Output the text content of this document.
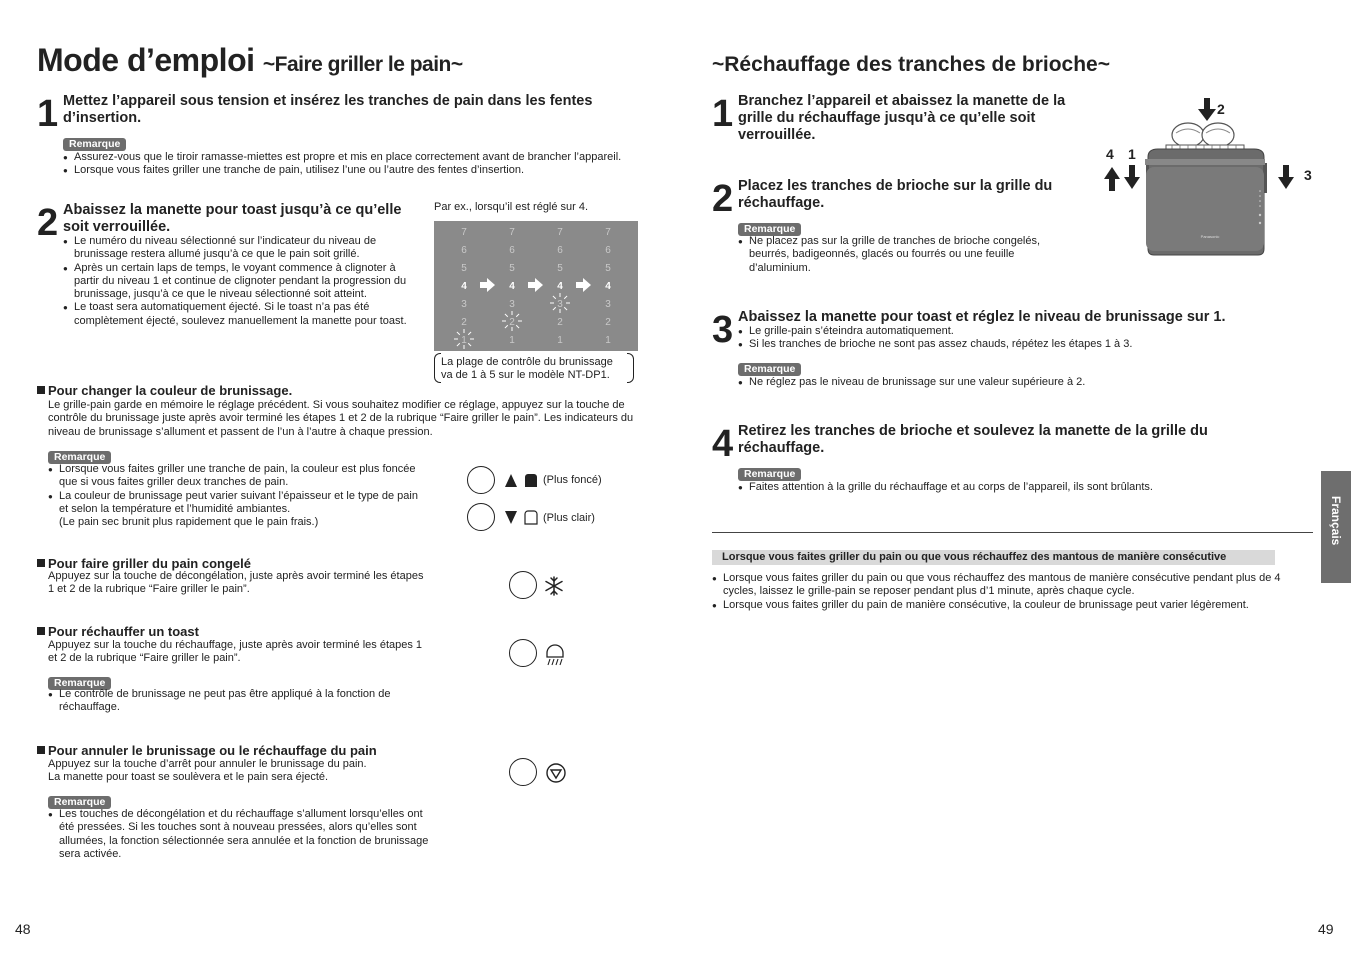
Mode d’emploi ~Faire griller le pain~
1 Mettez l’appareil sous tension et insérez les tranches de pain dans les fentes d’insertion.
Remarque
● Assurez-vous que le tiroir ramasse-miettes est propre et mis en place correctement avant de brancher l’appareil.
● Lorsque vous faites griller une tranche de pain, utilisez l’une ou l’autre des fentes d’insertion.
2 Abaissez la manette pour toast jusqu’à ce qu’elle soit verrouillée.
● Le numéro du niveau sélectionné sur l’indicateur du niveau de brunissage restera allumé jusqu’à ce que le pain soit grillé.
● Après un certain laps de temps, le voyant commence à clignoter à partir du niveau 1 et continue de clignoter pendant la progression du brunissage, jusqu’à ce que le niveau sélectionné soit atteint.
● Le toast sera automatiquement éjecté. Si le toast n’a pas été complètement éjecté, soulevez manuellement la manette pour toast.
Par ex., lorsqu’il est réglé sur 4.
7	7	7	7
6	6	6	6
5	5	5	5
4	4	4	4
3	3	3	3
2	2	2	2
1	1	1	1
La plage de contrôle du brunissage va de 1 à 5 sur le modèle NT-DP1.
Pour changer la couleur de brunissage.
Le grille-pain garde en mémoire le réglage précédent. Si vous souhaitez modifier ce réglage, appuyez sur la touche de contrôle du brunissage juste après avoir terminé les étapes 1 et 2 de la rubrique “Faire griller le pain”. Les indicateurs du niveau de brunissage s’allument et passent de l’un à l’autre à chaque pression.
Remarque
● Lorsque vous faites griller une tranche de pain, la couleur est plus foncée que si vous faites griller deux tranches de pain.
● La couleur de brunissage peut varier suivant l’épaisseur et le type de pain et selon la température et l’humidité ambiantes.
(Le pain sec brunit plus rapidement que le pain frais.)
(Plus foncé)
(Plus clair)
Pour faire griller du pain congelé
Appuyez sur la touche de décongélation, juste après avoir terminé les étapes 1 et 2 de la rubrique “Faire griller le pain”.
Pour réchauffer un toast
Appuyez sur la touche du réchauffage, juste après avoir terminé les étapes 1 et 2 de la rubrique “Faire griller le pain”.
Remarque
● Le contrôle de brunissage ne peut pas être appliqué à la fonction de réchauffage.
Pour annuler le brunissage ou le réchauffage du pain
Appuyez sur la touche d’arrêt pour annuler le brunissage du pain.
La manette pour toast se soulèvera et le pain sera éjecté.
Remarque
● Les touches de décongélation et du réchauffage s’allument lorsqu’elles ont été pressées. Si les touches sont à nouveau pressées, alors qu’elles sont allumées, la fonction sélectionnée sera annulée et la fonction de brunissage sera activée.
48
~Réchauffage des tranches de brioche~
1 Branchez l’appareil et abaissez la manette de la grille du réchauffage jusqu’à ce qu’elle soit verrouillée.
2 Placez les tranches de brioche sur la grille du réchauffage.
Remarque
● Ne placez pas sur la grille de tranches de brioche congelés, beurrés, badigeonnés, glacés ou fourrés ou une feuille d’aluminium.
3 Abaissez la manette pour toast et réglez le niveau de brunissage sur 1.
● Le grille-pain s’éteindra automatiquement.
● Si les tranches de brioche ne sont pas assez chauds, répétez les étapes 1 à 3.
Remarque
● Ne réglez pas le niveau de brunissage sur une valeur supérieure à 2.
4 Retirez les tranches de brioche et soulevez la manette de la grille du réchauffage.
Remarque
● Faites attention à la grille du réchauffage et au corps de l’appareil, ils sont brûlants.
Panasonic
2
4 1
3
Lorsque vous faites griller du pain ou que vous réchauffez des mantous de manière consécutive
● Lorsque vous faites griller du pain ou que vous réchauffez des mantous de manière consécutive pendant plus de 4 cycles, laissez le grille-pain se reposer pendant plus d’1 minute, après chaque cycle.
● Lorsque vous faites griller du pain de manière consécutive, la couleur de brunissage peut varier légèrement.
Français
49
